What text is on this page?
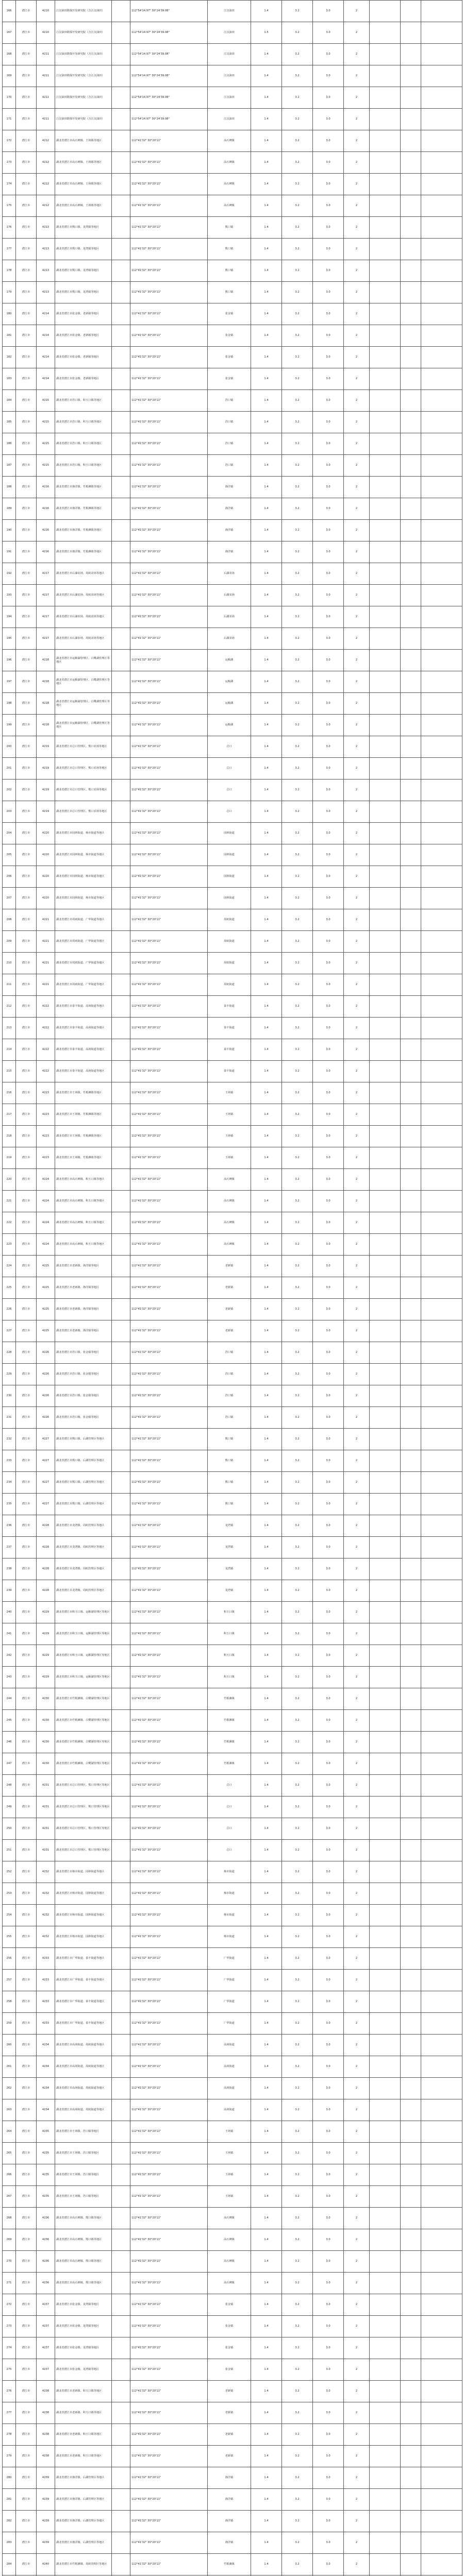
166	潜江市	4210	江汉油田勘探开发研究院（含江汉油田）		112°54'14.97" 30°24'39.08"	江汉油田	1.4	3.2	3.0	2			
167	潜江市	4210	江汉油田勘探开发研究院（含江汉油田）		112°54'14.97" 30°24'39.08"	江汉油田	1.5	3.2	3.0	2			
168	潜江市	4211	江汉油田勘探开发研究院（含江汉油田）		112°54'14.97" 30°24'39.08"	江汉油田	1.4	3.2	3.0	2			
169	潜江市	4211	江汉油田勘探开发研究院（含江汉油田）		112°54'14.97" 30°24'39.08"	江汉油田	1.4	3.2	3.0	2			
170	潜江市	4211	江汉油田勘探开发研究院（含江汉油田）		112°54'14.97" 30°24'39.08"	江汉油田	1.4	3.2	3.0	2			
171	潜江市	4211	江汉油田勘探开发研究院（含江汉油田）		112°54'14.97" 30°24'39.08"	江汉油田	1.4	3.2	3.0	2			
172	潜江市	4212	湖北省潜江市高石碑镇、王场镇等地区		112°41'32" 30°20'11"	高石碑镇	1.4	3.2	3.0	2			
173	潜江市	4212	湖北省潜江市高石碑镇、王场镇等地区		112°41'32" 30°20'11"	高石碑镇	1.4	3.2	3.0	2			
174	潜江市	4212	湖北省潜江市高石碑镇、王场镇等地区		112°41'32" 30°20'11"	高石碑镇	1.4	3.2	3.0	2			
175	潜江市	4212	湖北省潜江市高石碑镇、王场镇等地区		112°41'32" 30°20'11"	高石碑镇	1.4	3.2	3.0	2			
176	潜江市	4213	湖北省潜江市熊口镇、龙湾镇等地区		112°41'32" 30°20'11"	熊口镇	1.4	3.2	3.0	2			
177	潜江市	4213	湖北省潜江市熊口镇、龙湾镇等地区		112°41'32" 30°20'11"	熊口镇	1.4	3.2	3.0	2			
178	潜江市	4213	湖北省潜江市熊口镇、龙湾镇等地区		112°41'32" 30°20'11"	熊口镇	1.4	3.2	3.0	2			
179	潜江市	4213	湖北省潜江市熊口镇、龙湾镇等地区		112°41'32" 30°20'11"	熊口镇	1.4	3.2	3.0	2			
180	潜江市	4214	湖北省潜江市张金镇、老新镇等地区		112°41'32" 30°20'11"	张金镇	1.4	3.2	3.0	2			
181	潜江市	4214	湖北省潜江市张金镇、老新镇等地区		112°41'32" 30°20'11"	张金镇	1.4	3.2	3.0	2			
182	潜江市	4214	湖北省潜江市张金镇、老新镇等地区		112°41'32" 30°20'11"	张金镇	1.4	3.2	3.0	2			
183	潜江市	4214	湖北省潜江市张金镇、老新镇等地区		112°41'32" 30°20'11"	张金镇	1.4	3.2	3.0	2			
184	潜江市	4215	湖北省潜江市浩口镇、积玉口镇等地区		112°41'32" 30°20'11"	浩口镇	1.4	3.2	3.0	2			
185	潜江市	4215	湖北省潜江市浩口镇、积玉口镇等地区		112°41'32" 30°20'11"	浩口镇	1.4	3.2	3.0	2			
186	潜江市	4215	湖北省潜江市浩口镇、积玉口镇等地区		112°41'32" 30°20'11"	浩口镇	1.4	3.2	3.0	2			
187	潜江市	4215	湖北省潜江市浩口镇、积玉口镇等地区		112°41'32" 30°20'11"	浩口镇	1.4	3.2	3.0	2			
188	潜江市	4216	湖北省潜江市渔洋镇、竹根滩镇等地区		112°41'32" 30°20'11"	渔洋镇	1.4	3.2	3.0	2			
189	潜江市	4216	湖北省潜江市渔洋镇、竹根滩镇等地区		112°41'32" 30°20'11"	渔洋镇	1.4	3.2	3.0	2			
190	潜江市	4216	湖北省潜江市渔洋镇、竹根滩镇等地区		112°41'32" 30°20'11"	渔洋镇	1.4	3.2	3.0	2			
191	潜江市	4216	湖北省潜江市渔洋镇、竹根滩镇等地区		112°41'32" 30°20'11"	渔洋镇	1.4	3.2	3.0	2			
192	潜江市	4217	湖北省潜江市后湖农场、周矶农场等地区		112°41'32" 30°20'11"	后湖农场	1.4	3.2	3.0	2			
193	潜江市	4217	湖北省潜江市后湖农场、周矶农场等地区		112°41'32" 30°20'11"	后湖农场	1.4	3.2	3.0	2			
194	潜江市	4217	湖北省潜江市后湖农场、周矶农场等地区		112°41'32" 30°20'11"	后湖农场	1.4	3.2	3.0	2			
195	潜江市	4217	湖北省潜江市后湖农场、周矶农场等地区		112°41'32" 30°20'11"	后湖农场	1.4	3.2	3.0	2			
196	潜江市	4218	湖北省潜江市运粮湖管理区、白鹭湖管理区等地区		112°41'32" 30°20'11"	运粮湖	1.4	3.2	3.0	2			
197	潜江市	4218	湖北省潜江市运粮湖管理区、白鹭湖管理区等地区		112°41'32" 30°20'11"	运粮湖	1.4	3.2	3.0	2			
198	潜江市	4218	湖北省潜江市运粮湖管理区、白鹭湖管理区等地区		112°41'32" 30°20'11"	运粮湖	1.4	3.2	3.0	2			
199	潜江市	4218	湖北省潜江市运粮湖管理区、白鹭湖管理区等地区		112°41'32" 30°20'11"	运粮湖	1.4	3.2	3.0	2			
200	潜江市	4219	湖北省潜江市总口管理区、熊口农场等地区		112°41'32" 30°20'11"	总口	1.4	3.2	3.0	2			
201	潜江市	4219	湖北省潜江市总口管理区、熊口农场等地区		112°41'32" 30°20'11"	总口	1.4	3.2	3.0	2			
202	潜江市	4219	湖北省潜江市总口管理区、熊口农场等地区		112°41'32" 30°20'11"	总口	1.4	3.2	3.0	2			
203	潜江市	4219	湖北省潜江市总口管理区、熊口农场等地区		112°41'32" 30°20'11"	总口	1.4	3.2	3.0	2			
204	潜江市	4220	湖北省潜江市园林街道、杨市街道等地区		112°41'32" 30°20'11"	园林街道	1.4	3.2	3.0	2			
205	潜江市	4220	湖北省潜江市园林街道、杨市街道等地区		112°41'32" 30°20'11"	园林街道	1.4	3.2	3.0	2			
206	潜江市	4220	湖北省潜江市园林街道、杨市街道等地区		112°41'32" 30°20'11"	园林街道	1.4	3.2	3.0	2			
207	潜江市	4220	湖北省潜江市园林街道、杨市街道等地区		112°41'32" 30°20'11"	园林街道	1.4	3.2	3.0	2			
208	潜江市	4221	湖北省潜江市周矶街道、广华街道等地区		112°41'32" 30°20'11"	周矶街道	1.4	3.2	3.0	2			
209	潜江市	4221	湖北省潜江市周矶街道、广华街道等地区		112°41'32" 30°20'11"	周矶街道	1.4	3.2	3.0	2			
210	潜江市	4221	湖北省潜江市周矶街道、广华街道等地区		112°41'32" 30°20'11"	周矶街道	1.4	3.2	3.0	2			
211	潜江市	4221	湖北省潜江市周矶街道、广华街道等地区		112°41'32" 30°20'11"	周矶街道	1.4	3.2	3.0	2			
212	潜江市	4222	湖北省潜江市泰丰街道、高场街道等地区		112°41'32" 30°20'11"	泰丰街道	1.4	3.2	3.0	2			
213	潜江市	4222	湖北省潜江市泰丰街道、高场街道等地区		112°41'32" 30°20'11"	泰丰街道	1.4	3.2	3.0	2			
214	潜江市	4222	湖北省潜江市泰丰街道、高场街道等地区		112°41'32" 30°20'11"	泰丰街道	1.4	3.2	3.0	2			
215	潜江市	4222	湖北省潜江市泰丰街道、高场街道等地区		112°41'32" 30°20'11"	泰丰街道	1.4	3.2	3.0	2			
216	潜江市	4223	湖北省潜江市王场镇、竹根滩镇等地区		112°41'32" 30°20'11"	王场镇	1.4	3.2	3.0	2			
217	潜江市	4223	湖北省潜江市王场镇、竹根滩镇等地区		112°41'32" 30°20'11"	王场镇	1.4	3.2	3.0	2			
218	潜江市	4223	湖北省潜江市王场镇、竹根滩镇等地区		112°41'32" 30°20'11"	王场镇	1.4	3.2	3.0	2			
219	潜江市	4223	湖北省潜江市王场镇、竹根滩镇等地区		112°41'32" 30°20'11"	王场镇	1.4	3.2	3.0	2			
220	潜江市	4224	湖北省潜江市高石碑镇、积玉口镇等地区		112°41'32" 30°20'11"	高石碑镇	1.4	3.2	3.0	2			
221	潜江市	4224	湖北省潜江市高石碑镇、积玉口镇等地区		112°41'32" 30°20'11"	高石碑镇	1.4	3.2	3.0	2			
222	潜江市	4224	湖北省潜江市高石碑镇、积玉口镇等地区		112°41'32" 30°20'11"	高石碑镇	1.4	3.2	3.0	2			
223	潜江市	4224	湖北省潜江市高石碑镇、积玉口镇等地区		112°41'32" 30°20'11"	高石碑镇	1.4	3.2	3.0	2			
224	潜江市	4225	湖北省潜江市老新镇、渔洋镇等地区		112°41'32" 30°20'11"	老新镇	1.4	3.2	3.0	2			
225	潜江市	4225	湖北省潜江市老新镇、渔洋镇等地区		112°41'32" 30°20'11"	老新镇	1.4	3.2	3.0	2			
226	潜江市	4225	湖北省潜江市老新镇、渔洋镇等地区		112°41'32" 30°20'11"	老新镇	1.4	3.2	3.0	2			
227	潜江市	4225	湖北省潜江市老新镇、渔洋镇等地区		112°41'32" 30°20'11"	老新镇	1.4	3.2	3.0	2			
228	潜江市	4226	湖北省潜江市浩口镇、张金镇等地区		112°41'32" 30°20'11"	浩口镇	1.4	3.2	3.0	2			
229	潜江市	4226	湖北省潜江市浩口镇、张金镇等地区		112°41'32" 30°20'11"	浩口镇	1.4	3.2	3.0	2			
230	潜江市	4226	湖北省潜江市浩口镇、张金镇等地区		112°41'32" 30°20'11"	浩口镇	1.4	3.2	3.0	2			
231	潜江市	4226	湖北省潜江市浩口镇、张金镇等地区		112°41'32" 30°20'11"	浩口镇	1.4	3.2	3.0	2			
232	潜江市	4227	湖北省潜江市熊口镇、后湖管理区等地区		112°41'32" 30°20'11"	熊口镇	1.4	3.2	3.0	2			
233	潜江市	4227	湖北省潜江市熊口镇、后湖管理区等地区		112°41'32" 30°20'11"	熊口镇	1.4	3.2	3.0	2			
234	潜江市	4227	湖北省潜江市熊口镇、后湖管理区等地区		112°41'32" 30°20'11"	熊口镇	1.4	3.2	3.0	2			
235	潜江市	4227	湖北省潜江市熊口镇、后湖管理区等地区		112°41'32" 30°20'11"	熊口镇	1.4	3.2	3.0	2			
236	潜江市	4228	湖北省潜江市龙湾镇、周矶管理区等地区		112°41'32" 30°20'11"	龙湾镇	1.4	3.2	3.0	2			
237	潜江市	4228	湖北省潜江市龙湾镇、周矶管理区等地区		112°41'32" 30°20'11"	龙湾镇	1.4	3.2	3.0	2			
238	潜江市	4228	湖北省潜江市龙湾镇、周矶管理区等地区		112°41'32" 30°20'11"	龙湾镇	1.4	3.2	3.0	2			
239	潜江市	4228	湖北省潜江市龙湾镇、周矶管理区等地区		112°41'32" 30°20'11"	龙湾镇	1.4	3.2	3.0	2			
240	潜江市	4229	湖北省潜江市积玉口镇、运粮湖管理区等地区		112°41'32" 30°20'11"	积玉口镇	1.4	3.2	3.0	2			
241	潜江市	4229	湖北省潜江市积玉口镇、运粮湖管理区等地区		112°41'32" 30°20'11"	积玉口镇	1.4	3.2	3.0	2			
242	潜江市	4229	湖北省潜江市积玉口镇、运粮湖管理区等地区		112°41'32" 30°20'11"	积玉口镇	1.4	3.2	3.0	2			
243	潜江市	4229	湖北省潜江市积玉口镇、运粮湖管理区等地区		112°41'32" 30°20'11"	积玉口镇	1.4	3.2	3.0	2			
244	潜江市	4230	湖北省潜江市竹根滩镇、白鹭湖管理区等地区		112°41'32" 30°20'11"	竹根滩镇	1.4	3.2	3.0	2			
245	潜江市	4230	湖北省潜江市竹根滩镇、白鹭湖管理区等地区		112°41'32" 30°20'11"	竹根滩镇	1.4	3.2	3.0	2			
246	潜江市	4230	湖北省潜江市竹根滩镇、白鹭湖管理区等地区		112°41'32" 30°20'11"	竹根滩镇	1.4	3.2	3.0	2			
247	潜江市	4230	湖北省潜江市竹根滩镇、白鹭湖管理区等地区		112°41'32" 30°20'11"	竹根滩镇	1.4	3.2	3.0	2			
248	潜江市	4231	湖北省潜江市总口管理区、熊口管理区等地区		112°41'32" 30°20'11"	总口	1.4	3.2	3.0	2			
249	潜江市	4231	湖北省潜江市总口管理区、熊口管理区等地区		112°41'32" 30°20'11"	总口	1.4	3.2	3.0	2			
250	潜江市	4231	湖北省潜江市总口管理区、熊口管理区等地区		112°41'32" 30°20'11"	总口	1.4	3.2	3.0	2			
251	潜江市	4231	湖北省潜江市总口管理区、熊口管理区等地区		112°41'32" 30°20'11"	总口	1.4	3.2	3.0	2			
252	潜江市	4232	湖北省潜江市杨市街道、园林街道等地区		112°41'32" 30°20'11"	杨市街道	1.4	3.2	3.0	2			
253	潜江市	4232	湖北省潜江市杨市街道、园林街道等地区		112°41'32" 30°20'11"	杨市街道	1.4	3.2	3.0	2			
254	潜江市	4232	湖北省潜江市杨市街道、园林街道等地区		112°41'32" 30°20'11"	杨市街道	1.4	3.2	3.0	2			
255	潜江市	4232	湖北省潜江市杨市街道、园林街道等地区		112°41'32" 30°20'11"	杨市街道	1.4	3.2	3.0	2			
256	潜江市	4233	湖北省潜江市广华街道、泰丰街道等地区		112°41'32" 30°20'11"	广华街道	1.4	3.2	3.0	2			
257	潜江市	4233	湖北省潜江市广华街道、泰丰街道等地区		112°41'32" 30°20'11"	广华街道	1.4	3.2	3.0	2			
258	潜江市	4233	湖北省潜江市广华街道、泰丰街道等地区		112°41'32" 30°20'11"	广华街道	1.4	3.2	3.0	2			
259	潜江市	4233	湖北省潜江市广华街道、泰丰街道等地区		112°41'32" 30°20'11"	广华街道	1.4	3.2	3.0	2			
260	潜江市	4234	湖北省潜江市高场街道、周矶街道等地区		112°41'32" 30°20'11"	高场街道	1.4	3.2	3.0	2			
261	潜江市	4234	湖北省潜江市高场街道、周矶街道等地区		112°41'32" 30°20'11"	高场街道	1.4	3.2	3.0	2			
262	潜江市	4234	湖北省潜江市高场街道、周矶街道等地区		112°41'32" 30°20'11"	高场街道	1.4	3.2	3.0	2			
263	潜江市	4234	湖北省潜江市高场街道、周矶街道等地区		112°41'32" 30°20'11"	高场街道	1.4	3.2	3.0	2			
264	潜江市	4235	湖北省潜江市王场镇、浩口镇等地区		112°41'32" 30°20'11"	王场镇	1.4	3.2	3.0	2			
265	潜江市	4235	湖北省潜江市王场镇、浩口镇等地区		112°41'32" 30°20'11"	王场镇	1.4	3.2	3.0	2			
266	潜江市	4235	湖北省潜江市王场镇、浩口镇等地区		112°41'32" 30°20'11"	王场镇	1.4	3.2	3.0	2			
267	潜江市	4235	湖北省潜江市王场镇、浩口镇等地区		112°41'32" 30°20'11"	王场镇	1.4	3.2	3.0	2			
268	潜江市	4236	湖北省潜江市高石碑镇、熊口镇等地区		112°41'32" 30°20'11"	高石碑镇	1.4	3.2	3.0	2			
269	潜江市	4236	湖北省潜江市高石碑镇、熊口镇等地区		112°41'32" 30°20'11"	高石碑镇	1.4	3.2	3.0	2			
270	潜江市	4236	湖北省潜江市高石碑镇、熊口镇等地区		112°41'32" 30°20'11"	高石碑镇	1.4	3.2	3.0	2			
271	潜江市	4236	湖北省潜江市高石碑镇、熊口镇等地区		112°41'32" 30°20'11"	高石碑镇	1.4	3.2	3.0	2			
272	潜江市	4237	湖北省潜江市张金镇、龙湾镇等地区		112°41'32" 30°20'11"	张金镇	1.4	3.2	3.0	2			
273	潜江市	4237	湖北省潜江市张金镇、龙湾镇等地区		112°41'32" 30°20'11"	张金镇	1.4	3.2	3.0	2			
274	潜江市	4237	湖北省潜江市张金镇、龙湾镇等地区		112°41'32" 30°20'11"	张金镇	1.4	3.2	3.0	2			
275	潜江市	4237	湖北省潜江市张金镇、龙湾镇等地区		112°41'32" 30°20'11"	张金镇	1.4	3.2	3.0	2			
276	潜江市	4238	湖北省潜江市老新镇、积玉口镇等地区		112°41'32" 30°20'11"	老新镇	1.4	3.2	3.0	2			
277	潜江市	4238	湖北省潜江市老新镇、积玉口镇等地区		112°41'32" 30°20'11"	老新镇	1.4	3.2	3.0	2			
278	潜江市	4238	湖北省潜江市老新镇、积玉口镇等地区		112°41'32" 30°20'11"	老新镇	1.4	3.2	3.0	2			
279	潜江市	4238	湖北省潜江市老新镇、积玉口镇等地区		112°41'32" 30°20'11"	老新镇	1.4	3.2	3.0	2			
280	潜江市	4239	湖北省潜江市渔洋镇、后湖管理区等地区		112°41'32" 30°20'11"	渔洋镇	1.4	3.2	3.0	2			
281	潜江市	4239	湖北省潜江市渔洋镇、后湖管理区等地区		112°41'32" 30°20'11"	渔洋镇	1.4	3.2	3.0	2			
282	潜江市	4239	湖北省潜江市渔洋镇、后湖管理区等地区		112°41'32" 30°20'11"	渔洋镇	1.4	3.2	3.0	2			
283	潜江市	4239	湖北省潜江市渔洋镇、后湖管理区等地区		112°41'32" 30°20'11"	渔洋镇	1.4	3.2	3.0	2			
284	潜江市	4240	湖北省潜江市竹根滩镇、周矶管理区等地区		112°41'32" 30°20'11"	竹根滩镇	1.4	3.2	3.0	2			
